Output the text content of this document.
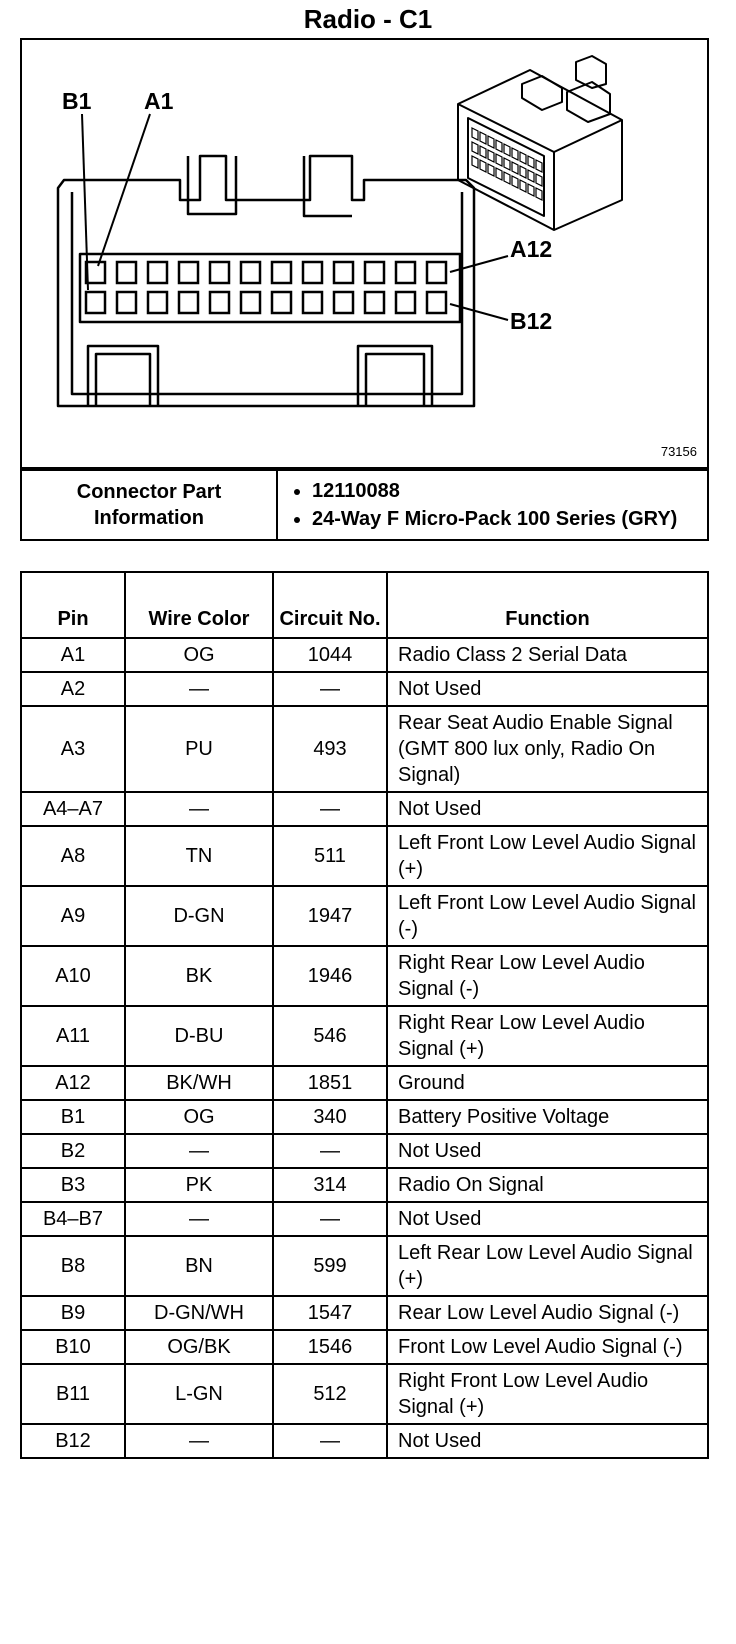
Radio - C1
B1 A1
A12
B12
73156
Connector Part Information	
• 12110088
• 24-Way F Micro-Pack 100 Series (GRY)
Pin	Wire Color	Circuit No.	Function
A1	OG	1044	Radio Class 2 Serial Data
A2	—	—	Not Used
A3	PU	493	Rear Seat Audio Enable Signal (GMT 800 lux only, Radio On Signal)
A4–A7	—	—	Not Used
A8	TN	511	Left Front Low Level Audio Signal (+)
A9	D-GN	1947	Left Front Low Level Audio Signal (-)
A10	BK	1946	Right Rear Low Level Audio Signal (-)
A11	D-BU	546	Right Rear Low Level Audio Signal (+)
A12	BK/WH	1851	Ground
B1	OG	340	Battery Positive Voltage
B2	—	—	Not Used
B3	PK	314	Radio On Signal
B4–B7	—	—	Not Used
B8	BN	599	Left Rear Low Level Audio Signal (+)
B9	D-GN/WH	1547	Rear Low Level Audio Signal (-)
B10	OG/BK	1546	Front Low Level Audio Signal (-)
B11	L-GN	512	Right Front Low Level Audio Signal (+)
B12	—	—	Not Used
